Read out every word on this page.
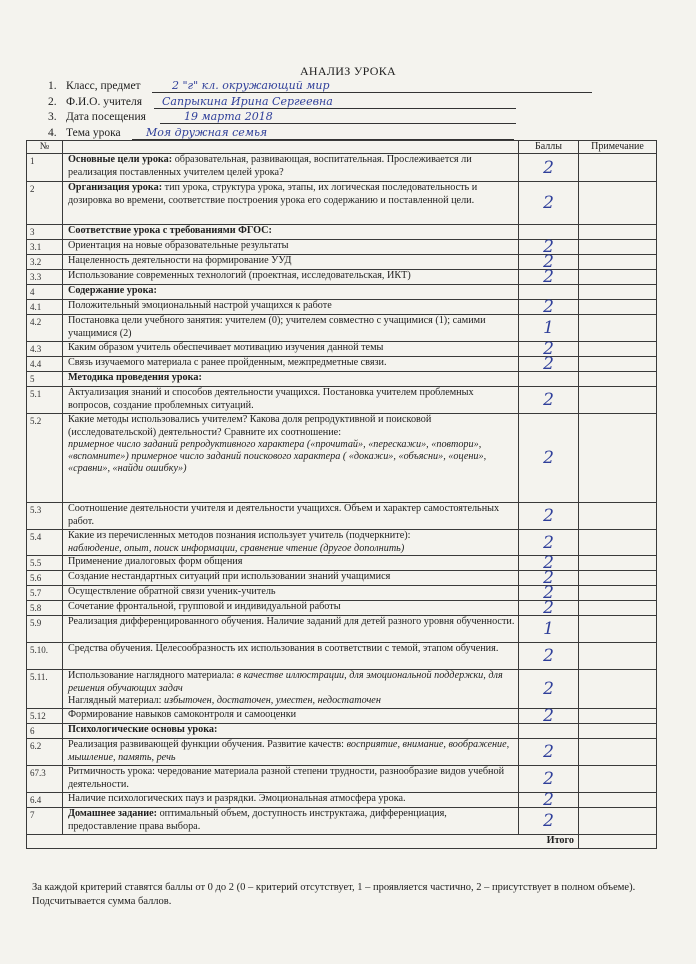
АНАЛИЗ УРОКА
1. Класс, предмет	2 "г" кл. окружающий мир
2. Ф.И.О. учителя Сапрыкина Ирина Сергеевна
3. Дата посещения	19 марта 2018
4. Тема урока Моя дружная семья
№		Баллы	Примечание
1	Основные цели урока: образовательная, развивающая, воспитательная. Прослеживается ли реализация поставленных учителем целей урока?	2	
2	Организация урока: тип урока, структура урока, этапы, их логическая последовательность и дозировка во времени, соответствие построения урока его содержанию и поставленной цели.	2	
3	Соответствие урока с требованиями ФГОС:		
3.1	Ориентация на новые образовательные результаты	2	
3.2	Нацеленность деятельности на формирование УУД	2	
3.3	Использование современных технологий (проектная, исследовательская, ИКТ)	2	
4	Содержание урока:		
4.1	Положительный эмоциональный настрой учащихся к работе	2	
4.2	Постановка цели учебного занятия: учителем (0); учителем совместно с учащимися (1); самими учащимися (2)	1	
4.3	Каким образом учитель обеспечивает мотивацию изучения данной темы	2	
4.4	Связь изучаемого материала с ранее пройденным, межпредметные связи.	2	
5	Методика проведения урока:		
5.1	Актуализация знаний и способов деятельности учащихся. Постановка учителем проблемных вопросов, создание проблемных ситуаций.	2	
5.2	Какие методы использовались учителем? Какова доля репродуктивной и поисковой (исследовательской) деятельности? Сравните их соотношение:
примерное число заданий репродуктивного характера («прочитай», «перескажи», «повтори», «вспомните») примерное число заданий поискового характера ( «докажи», «объясни», «оцени», «сравни», «найди ошибку»)	2	
5.3	Соотношение деятельности учителя и деятельности учащихся. Объем и характер самостоятельных работ.	2	
5.4	Какие из перечисленных методов познания использует учитель (подчеркните):
наблюдение, опыт, поиск информации, сравнение чтение (другое дополнить)	2	
5.5	Применение диалоговых форм общения	2	
5.6	Создание нестандартных ситуаций при использовании знаний учащимися	2	
5.7	Осуществление обратной связи ученик-учитель	2	
5.8	Сочетание фронтальной, групповой и индивидуальной работы	2	
5.9	Реализация дифференцированного обучения. Наличие заданий для детей разного уровня обученности.	1	
5.10.	Средства обучения. Целесообразность их использования в соответствии с темой, этапом обучения.	2	
5.11.	Использование наглядного материала: в качестве иллюстрации, для эмоциональной поддержки, для решения обучающих задач
Наглядный материал: избыточен, достаточен, уместен, недостаточен	2	
5.12	Формирование навыков самоконтроля и самооценки	2	
6	Психологические основы урока:		
6.2	Реализация развивающей функции обучения. Развитие качеств: восприятие, внимание, воображение, мышление, память, речь	2	
67.3	Ритмичность урока: чередование материала разной степени трудности, разнообразие видов учебной деятельности.	2	
6.4	Наличие психологических пауз и разрядки. Эмоциональная атмосфера урока.	2	
7	Домашнее задание: оптимальный объем, доступность инструктажа, дифференциация, предоставление права выбора.	2	
Итого			
За каждой критерий ставятся баллы от 0 до 2 (0 – критерий отсутствует, 1 – проявляется частично, 2 – присутствует в полном объеме). Подсчитывается сумма баллов.
